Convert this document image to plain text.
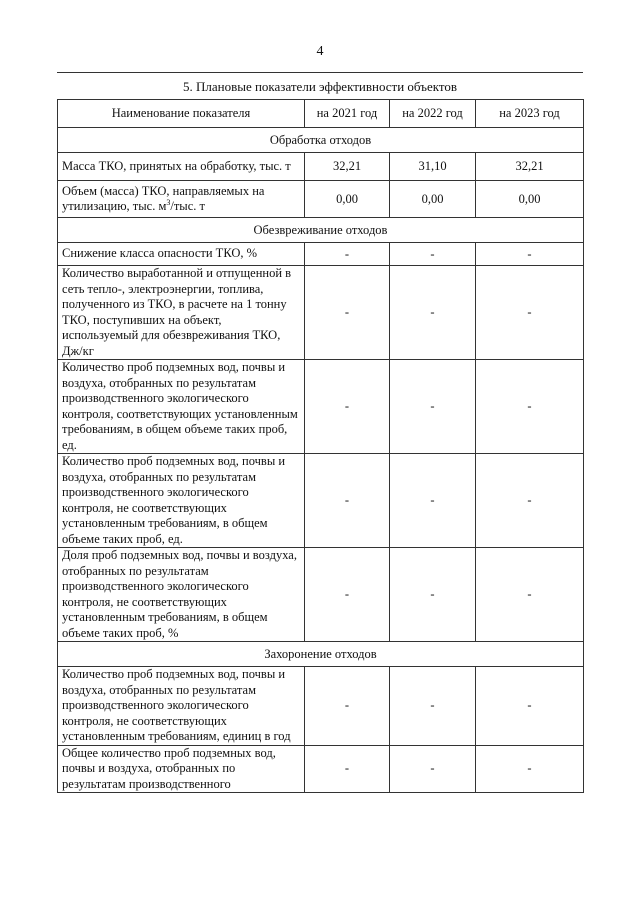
4
5. Плановые показатели эффективности объектов
Наименование показателя	на 2021 год	на 2022 год	на 2023 год
Обработка отходов			
Масса ТКО, принятых на обработку, тыс. т	32,21	31,10	32,21
Объем (масса) ТКО, направляемых на утилизацию, тыс. $м^3$/тыс. т	0,00	0,00	0,00
Обезвреживание отходов			
Снижение класса опасности ТКО, %	-	-	-
Количество выработанной и отпущенной в сеть тепло-, электроэнергии, топлива, полученного из ТКО, в расчете на 1 тонну ТКО, поступивших на объект, используемый для обезвреживания ТКО, Дж/кг	-	-	-
Количество проб подземных вод, почвы и воздуха, отобранных по результатам производственного экологического контроля, соответствующих установленным требованиям, в общем объеме таких проб, ед.	-	-	-
Количество проб подземных вод, почвы и воздуха, отобранных по результатам производственного экологического контроля, не соответствующих установленным требованиям, в общем объеме таких проб, ед.	-	-	-
Доля проб подземных вод, почвы и воздуха, отобранных по результатам производственного экологического контроля, не соответствующих установленным требованиям, в общем объеме таких проб, %	-	-	-
Захоронение отходов			
Количество проб подземных вод, почвы и воздуха, отобранных по результатам производственного экологического контроля, не соответствующих установленным требованиям, единиц в год	-	-	-
Общее количество проб подземных вод, почвы и воздуха, отобранных по результатам производственного	-	-	-
